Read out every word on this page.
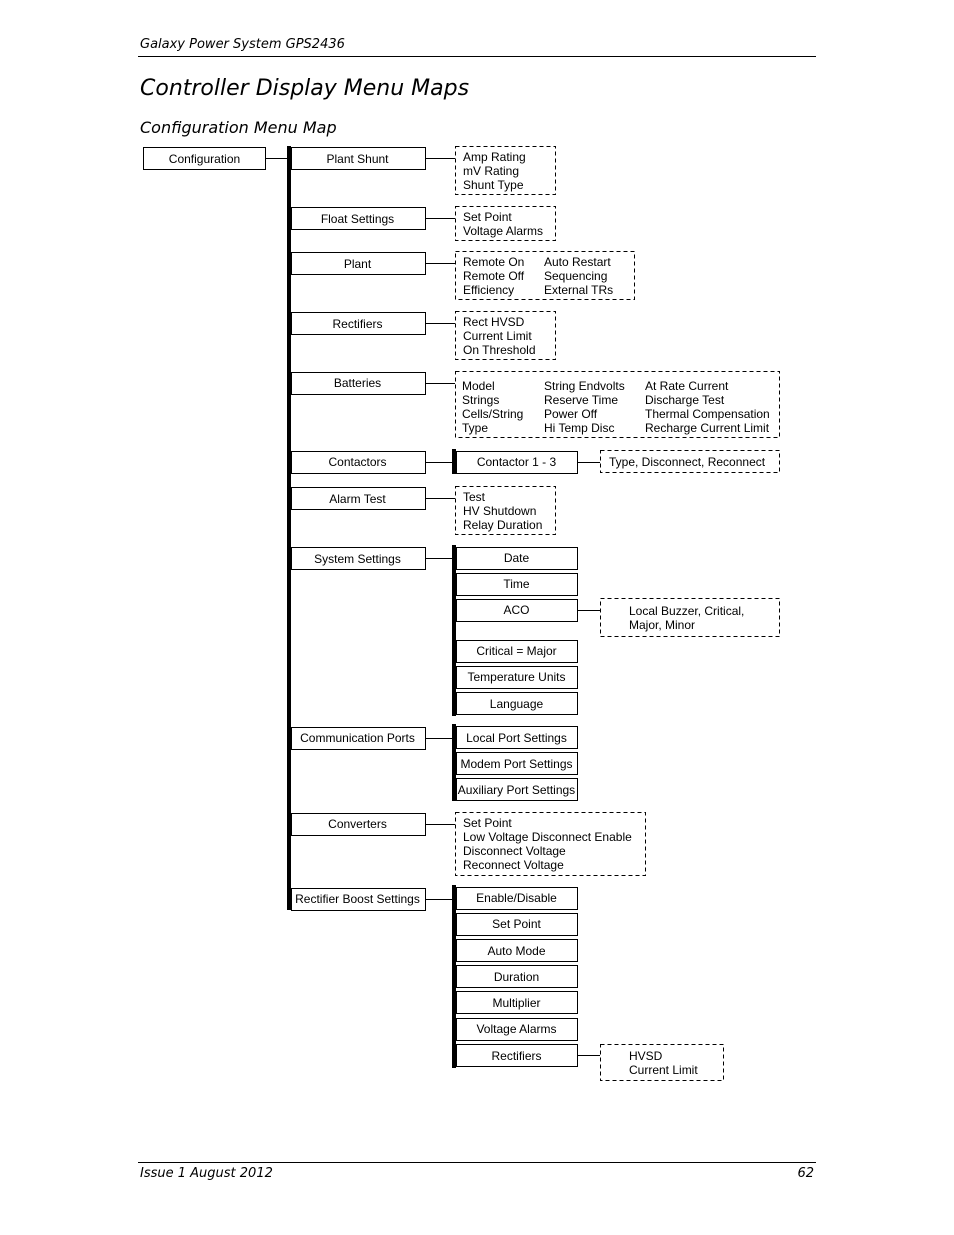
Galaxy Power System GPS2436
Controller Display Menu Maps
Configuration Menu Map
Configuration	Plant Shunt
Float Settings
Plant
Rectifiers
Batteries
Contactors
Alarm Test
System Settings
Communication Ports
Converters
Rectifier Boost Settings
Amp Rating
mV Rating
Shunt Type
Set Point
Voltage Alarms
Remote On
Remote Off
Efficiency
Auto Restart
Sequencing
External TRs
Rect HVSD
Current Limit
On Threshold
Model
Strings
Cells/String
Type
String Endvolts
Reserve Time
Power Off
Hi Temp Disc
At Rate Current
Discharge Test
Thermal Compensation
Recharge Current Limit
Contactor 1 - 3	Type, Disconnect, Reconnect
Test
HV Shutdown
Relay Duration
Date
Time
ACO
Critical = Major
Temperature Units
Language
Local Buzzer, Critical,
Major, Minor
Local Port Settings
Modem Port Settings
Auxiliary Port Settings
Set Point
Low Voltage Disconnect Enable
Disconnect Voltage
Reconnect Voltage
Enable/Disable
Set Point
Auto Mode
Duration
Multiplier
Voltage Alarms
Rectifiers	HVSD
Current Limit
Issue 1 August 2012	62
